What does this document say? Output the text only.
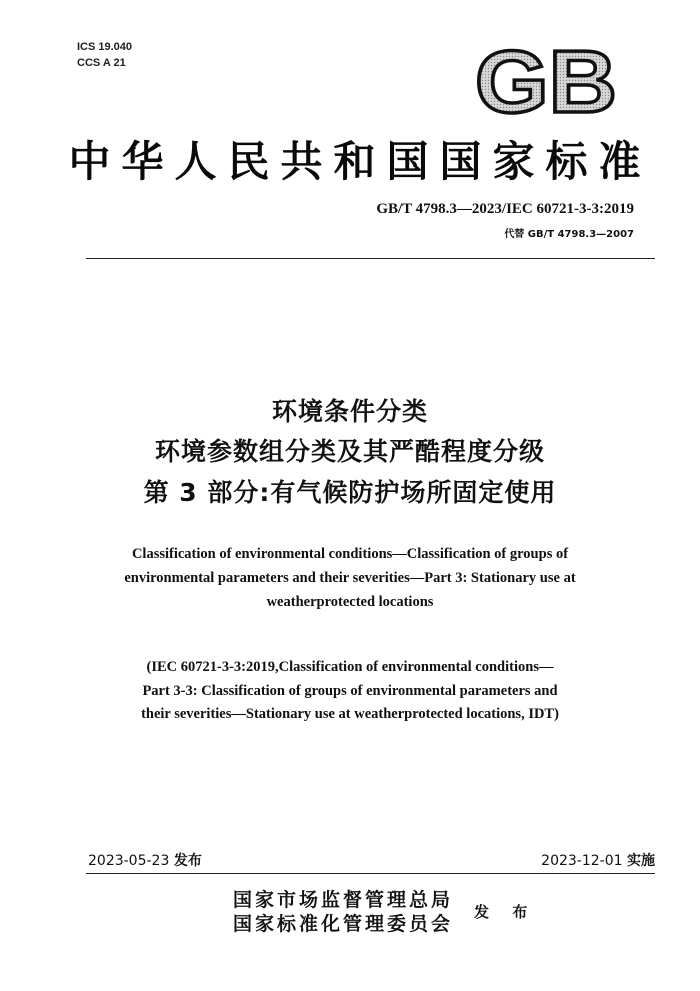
ICS 19.040
CCS A 21	GB
中华人民共和国国家标准
GB/T 4798.3—2023/IEC 60721-3-3:2019
代替 GB/T 4798.3—2007
环境条件分类
环境参数组分类及其严酷程度分级
第 3 部分:有气候防护场所固定使用
Classification of environmental conditions—Classification of groups of
environmental parameters and their severities—Part 3: Stationary use at
weatherprotected locations
(IEC 60721-3-3:2019,Classification of environmental conditions—
Part 3-3: Classification of groups of environmental parameters and
their severities—Stationary use at weatherprotected locations, IDT)
2023-05-23 发布	2023-12-01 实施
国家市场监督管理总局
国家标准化管理委员会
发 布
